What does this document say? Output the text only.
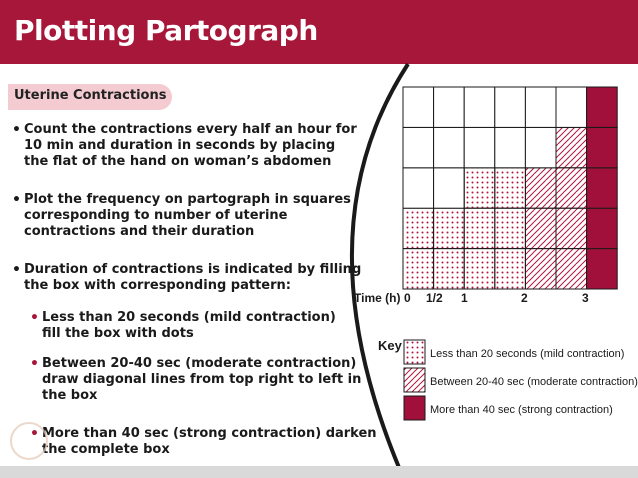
Plotting Partograph
Uterine Contractions
• Count the contractions every half an hour for
10 min and duration in seconds by placing
the flat of the hand on woman’s abdomen

• Plot the frequency on partograph in squares
corresponding to number of uterine
contractions and their duration

• Duration of contractions is indicated by filling
the box with corresponding pattern:

• Less than 20 seconds (mild contraction)
fill the box with dots

• Between 20-40 sec (moderate contraction)
draw diagonal lines from top right to left in
the box

• More than 40 sec (strong contraction) darken
the complete box

Time (h) 0 1/2 1	2	3
Key
Less than 20 seconds (mild contraction)
Between 20-40 sec (moderate contraction)
More than 40 sec (strong contraction)
